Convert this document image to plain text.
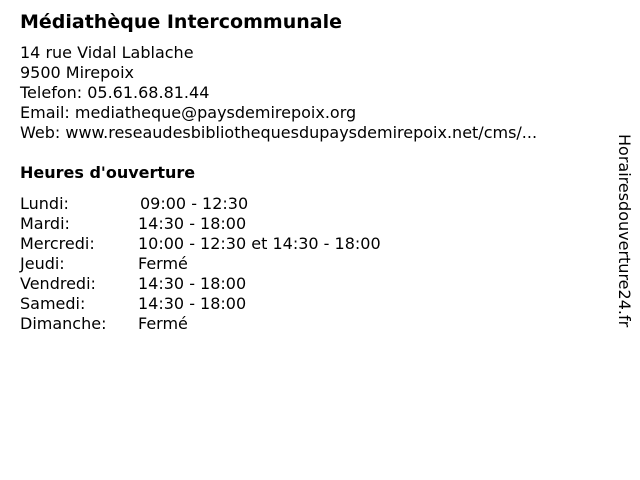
Médiathèque Intercommunale
14 rue Vidal Lablache
9500 Mirepoix
Telefon: 05.61.68.81.44
Email: mediatheque@paysdemirepoix.org
Web: www.reseaudesbibliothequesdupaysdemirepoix.net/cms/...
Heures d'ouverture
Lundi:	09:00 - 12:30
Mardi:	14:30 - 18:00
Mercredi:	10:00 - 12:30 et 14:30 - 18:00
Jeudi:	Fermé
Vendredi:	14:30 - 18:00
Samedi:	14:30 - 18:00
Dimanche: Fermé	Horairesdouverture24.fr
